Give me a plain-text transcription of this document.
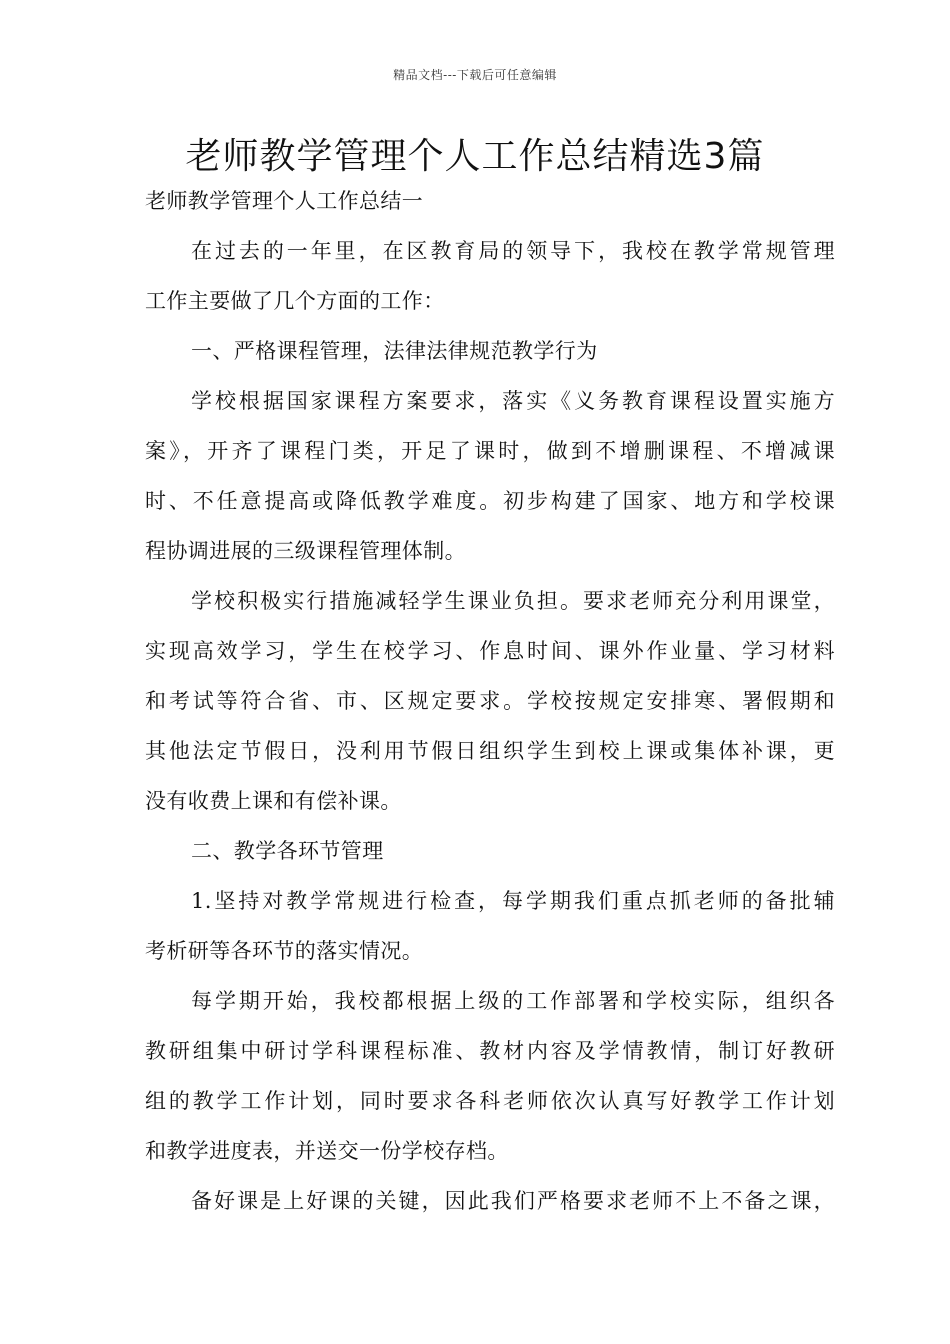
精品文档---下载后可任意编辑
老师教学管理个人工作总结精选3篇
老师教学管理个人工作总结一
在过去的一年里，在区教育局的领导下，我校在教学常规管理
工作主要做了几个方面的工作：
一、严格课程管理，法律法律规范教学行为
学校根据国家课程方案要求，落实《义务教育课程设置实施方
案》，开齐了课程门类，开足了课时，做到不增删课程、不增减课
时、不任意提高或降低教学难度。初步构建了国家、地方和学校课
程协调进展的三级课程管理体制。
学校积极实行措施减轻学生课业负担。要求老师充分利用课堂，
实现高效学习，学生在校学习、作息时间、课外作业量、学习材料
和考试等符合省、市、区规定要求。学校按规定安排寒、署假期和
其他法定节假日，没利用节假日组织学生到校上课或集体补课，更
没有收费上课和有偿补课。
二、教学各环节管理
1.坚持对教学常规进行检查，每学期我们重点抓老师的备批辅
考析研等各环节的落实情况。
每学期开始，我校都根据上级的工作部署和学校实际，组织各
教研组集中研讨学科课程标准、教材内容及学情教情，制订好教研
组的教学工作计划，同时要求各科老师依次认真写好教学工作计划
和教学进度表，并送交一份学校存档。
备好课是上好课的关键，因此我们严格要求老师不上不备之课，
